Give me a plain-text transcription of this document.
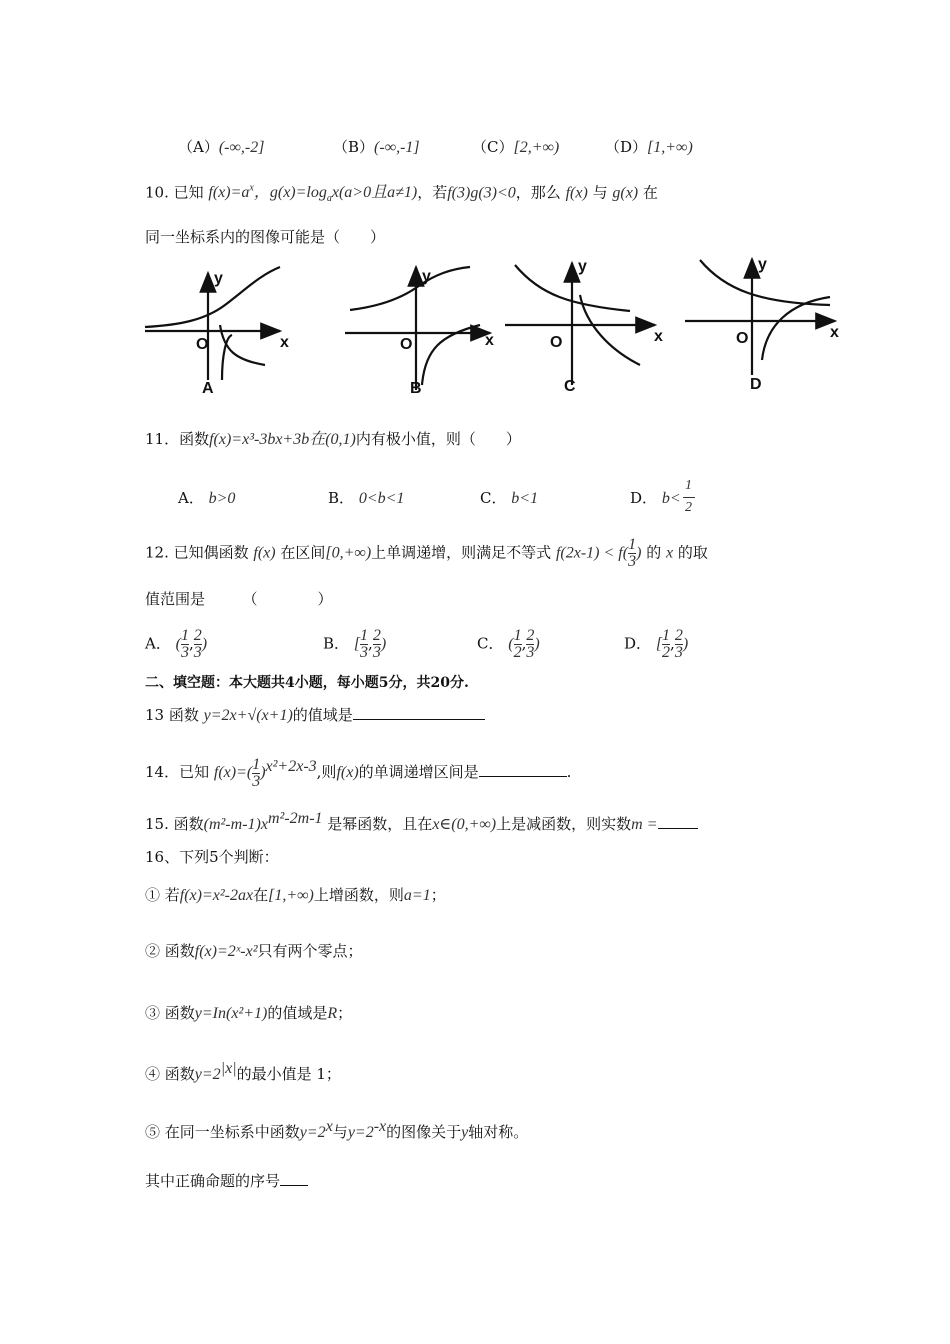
（A）(-∞,-2]	（B）(-∞,-1]	（C）[2,+∞)	（D）[1,+∞)
10. 已知 $f(x)=a^x$，$g(x)=\log_ax(a>0$且a≠1)，若f(3)g(3)<0，那么 f(x) 与 g(x) 在
同一坐标系内的图像可能是（　　）
O	x
y
A
O	x
y
B
O	x
y
C
O	x
y
D
11．函数f(x)=x³-3bx+3b在(0,1)内有极小值，则（　　）
A． b>0	B． 0<b<1	C． b<1	D． b<
1
2
12. 已知偶函数 f(x) 在区间[0,+∞)上单调递增，则满足不等式 $f(2x-1) < f( \frac{1}{3}$ ) 的 x 的取
值范围是　　　（　　　　）
A． ( $\frac{1}{3}$ , $\frac{2}{3}$ )	B． [ $\frac{1}{3}$ , $\frac{2}{3}$ )	C． ( $\frac{1}{2}$ , $\frac{2}{3}$ )	D． [ $\frac{1}{2}$ , $\frac{2}{3}$ )
二、填空题：本大题共4小题，每小题5分，共20分.
13 函数 y=2x+√(x+1)的值域是
14．已知 $f(x)=( \frac{1}{3} )^{x^2+2x-3}$,则f(x)的单调递增区间是	.
15. 函数$(m^2-m-1)x^{m^2-2m-1}$ 是幂函数，且在x∈(0,+∞)上是减函数，则实数m =
16、下列5个判断：
① 若f(x)=x²-2ax在[1,+∞)上增函数，则a=1；
② 函数f(x)=2ˣ-x²只有两个零点；
③ 函数y=In(x²+1)的值域是R；
④ 函数$y=2^{|x|}$的最小值是 1；
⑤ 在同一坐标系中函数$y=2^x$与$y=2^{-x}$的图像关于y轴对称。
其中正确命题的序号
